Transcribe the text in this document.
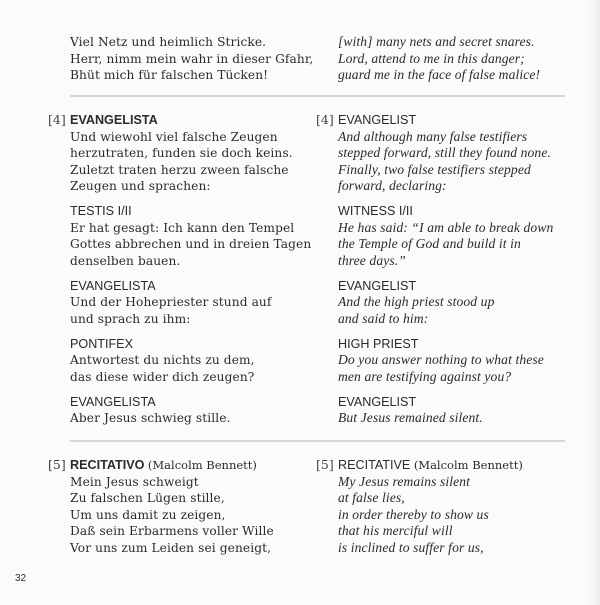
Viel Netz und heimlich Stricke.
Herr, nimm mein wahr in dieser Gfahr,
Bhüt mich für falschen Tücken!
[with] many nets and secret snares.
Lord, attend to me in this danger;
guard me in the face of false malice!
[4]	[4]
EVANGELISTA
Und wiewohl viel falsche Zeugen
herzutraten, funden sie doch keins.
Zuletzt traten herzu zween falsche
Zeugen und sprachen:
TESTIS I/II
Er hat gesagt: Ich kann den Tempel
Gottes abbrechen und in dreien Tagen
denselben bauen.
EVANGELISTA
Und der Hohepriester stund auf
und sprach zu ihm:
PONTIFEX
Antwortest du nichts zu dem,
das diese wider dich zeugen?
EVANGELISTA
Aber Jesus schwieg stille.
EVANGELIST
And although many false testifiers
stepped forward, still they found none.
Finally, two false testifiers stepped
forward, declaring:
WITNESS I/II
He has said: “I am able to break down
the Temple of God and build it in
three days.”
EVANGELIST
And the high priest stood up
and said to him:
HIGH PRIEST
Do you answer nothing to what these
men are testifying against you?
EVANGELIST
But Jesus remained silent.
[5]	[5]
RECITATIVO (Malcolm Bennett)
Mein Jesus schweigt
Zu falschen Lügen stille,
Um uns damit zu zeigen,
Daß sein Erbarmens voller Wille
Vor uns zum Leiden sei geneigt,
RECITATIVE (Malcolm Bennett)
My Jesus remains silent
at false lies,
in order thereby to show us
that his merciful will
is inclined to suffer for us,
32
